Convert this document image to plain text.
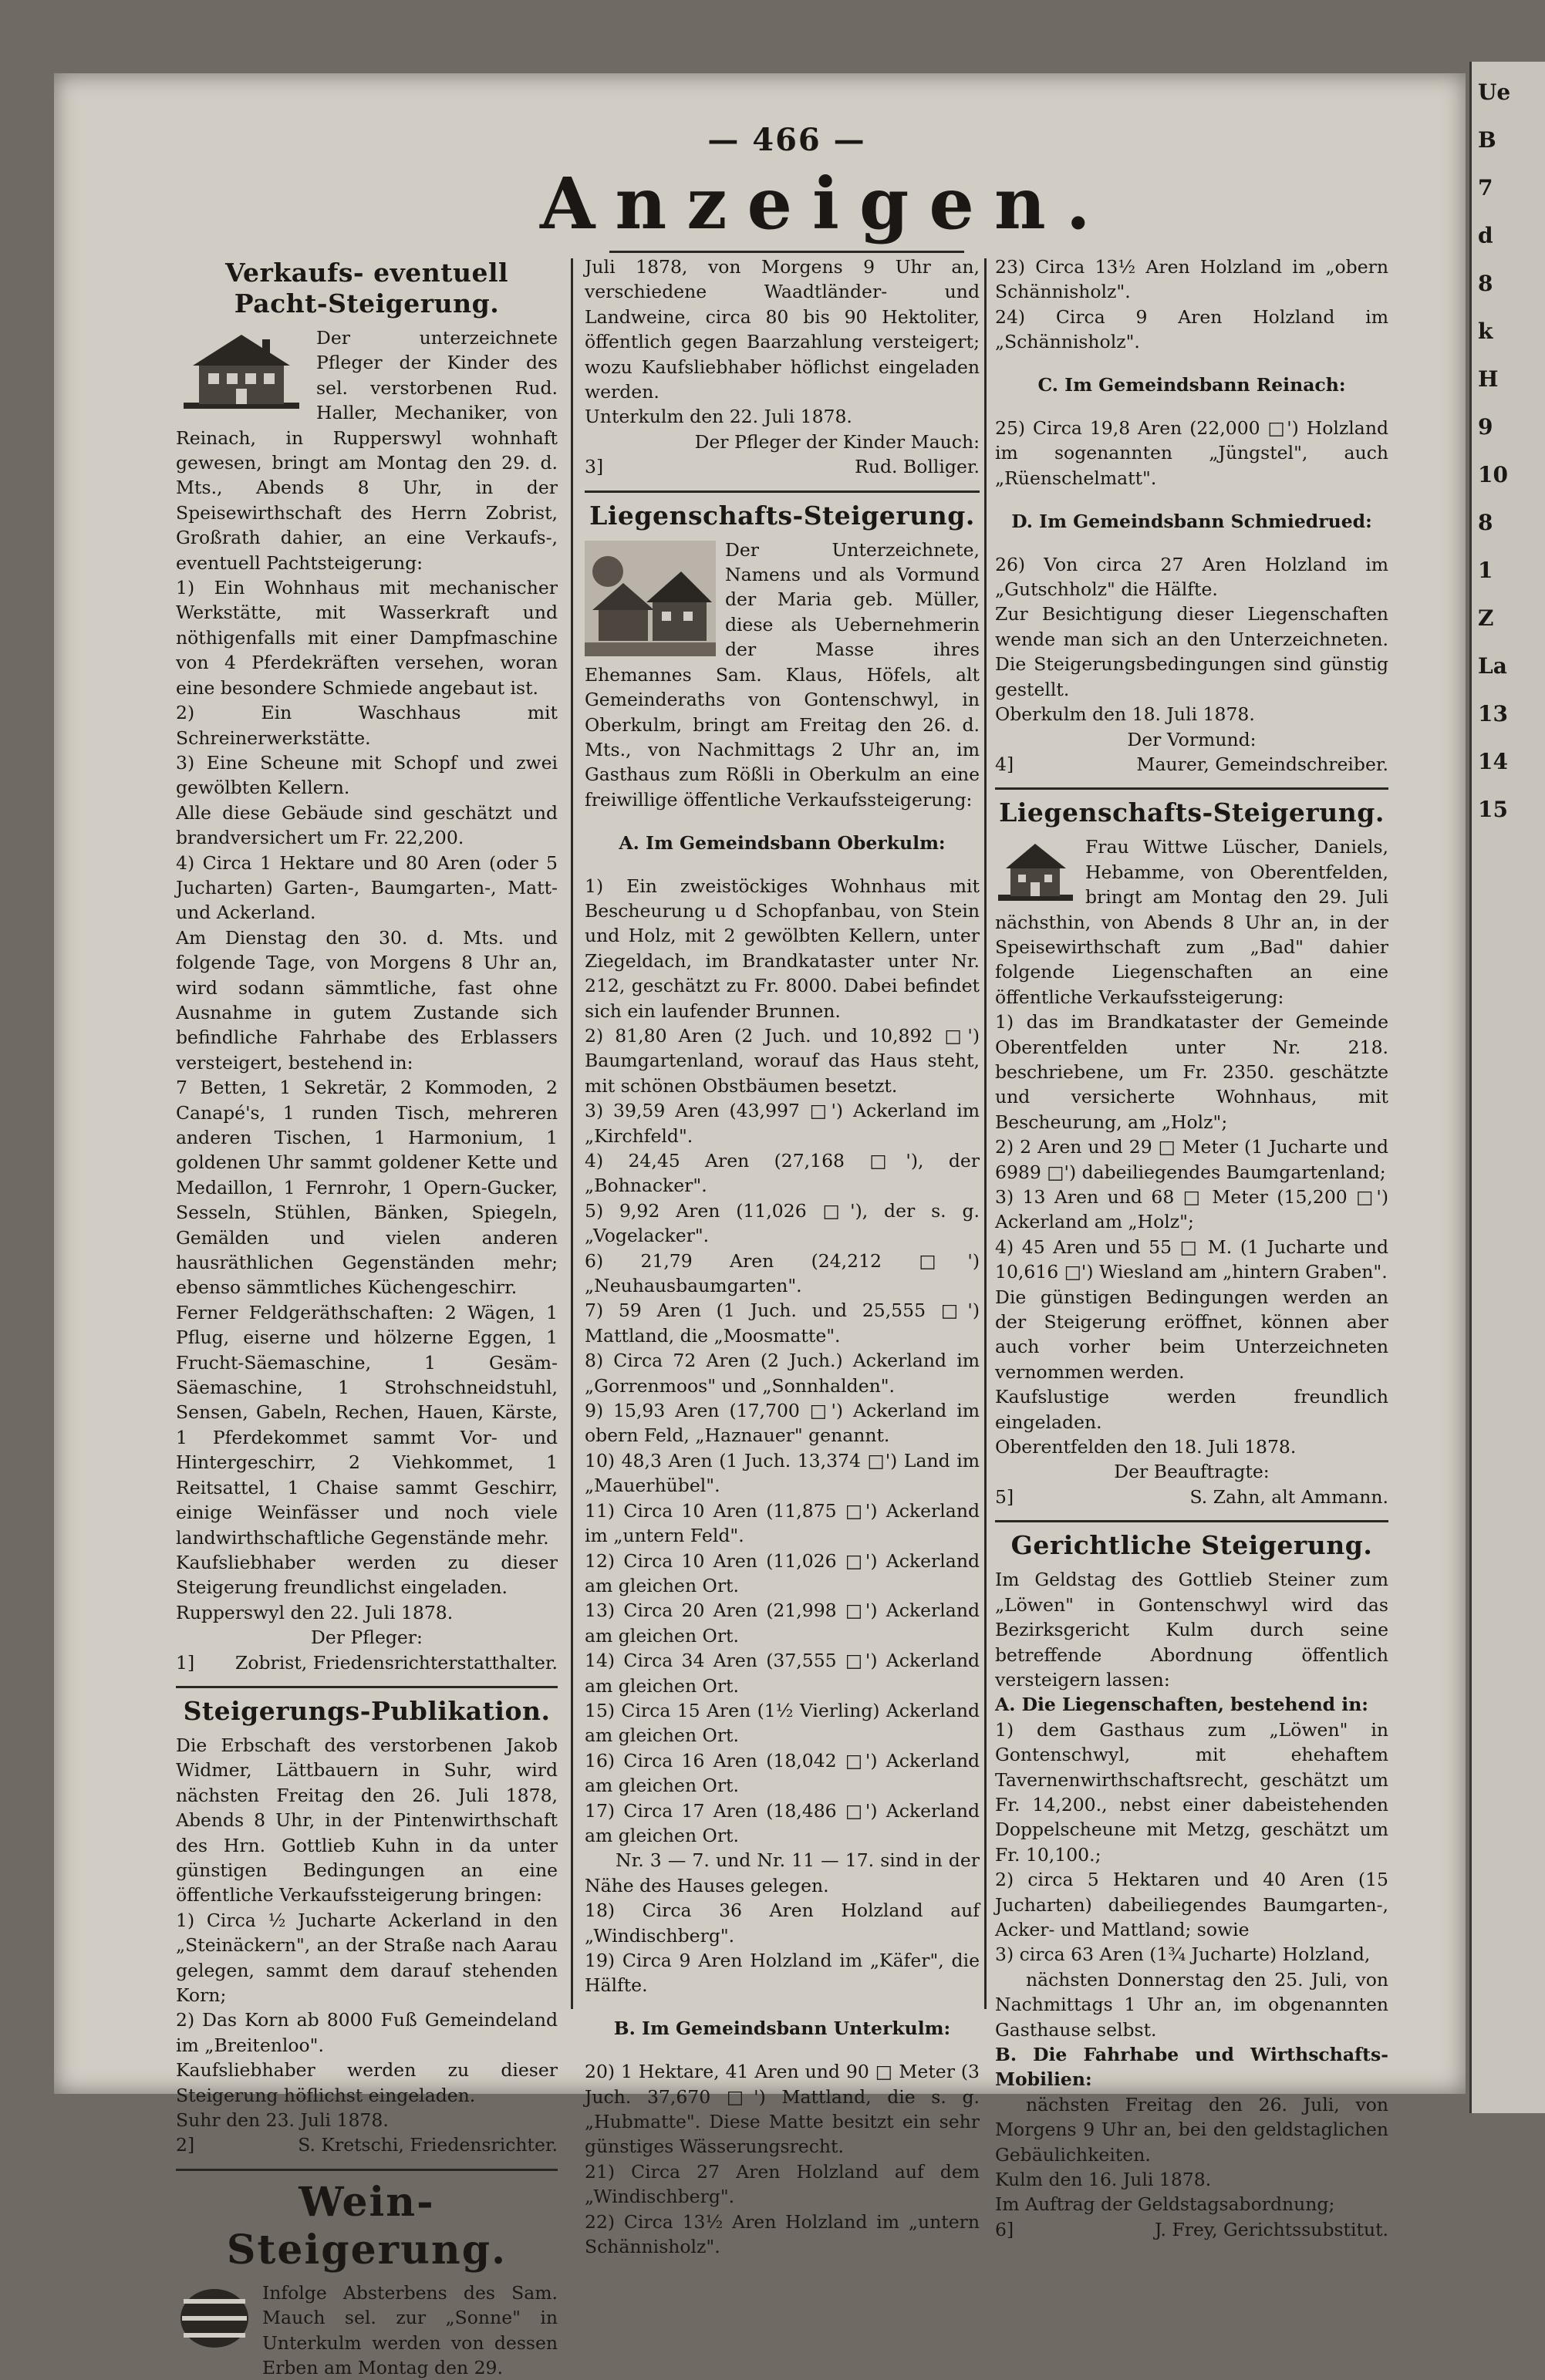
Ue
B
7
d
8
k
H
9
10
8
1
Z
La
13
14
15
— 466 —
Anzeigen.
Verkaufs- eventuell Pacht-Steigerung.

Der unterzeichnete Pfleger der Kinder des sel. verstorbenen Rud. Haller, Mechaniker, von Reinach, in Rupperswyl wohnhaft gewesen, bringt am Montag den 29. d. Mts., Abends 8 Uhr, in der Speisewirthschaft des Herrn Zobrist, Großrath dahier, an eine Verkaufs-, eventuell Pachtsteigerung:

1) Ein Wohnhaus mit mechanischer Werkstätte, mit Wasserkraft und nöthigenfalls mit einer Dampfmaschine von 4 Pferdekräften versehen, woran eine besondere Schmiede angebaut ist.

2) Ein Waschhaus mit Schreinerwerkstätte.

3) Eine Scheune mit Schopf und zwei gewölbten Kellern.

Alle diese Gebäude sind geschätzt und brandversichert um Fr. 22,200.

4) Circa 1 Hektare und 80 Aren (oder 5 Jucharten) Garten-, Baumgarten-, Matt- und Ackerland.

Am Dienstag den 30. d. Mts. und folgende Tage, von Morgens 8 Uhr an, wird sodann sämmtliche, fast ohne Ausnahme in gutem Zustande sich befindliche Fahrhabe des Erblassers versteigert, bestehend in:

7 Betten, 1 Sekretär, 2 Kommoden, 2 Canapé's, 1 runden Tisch, mehreren anderen Tischen, 1 Harmonium, 1 goldenen Uhr sammt goldener Kette und Medaillon, 1 Fernrohr, 1 Opern-Gucker, Sesseln, Stühlen, Bänken, Spiegeln, Gemälden und vielen anderen hausräthlichen Gegenständen mehr; ebenso sämmtliches Küchengeschirr.

Ferner Feldgeräthschaften: 2 Wägen, 1 Pflug, eiserne und hölzerne Eggen, 1 Frucht-Säemaschine, 1 Gesäm-Säemaschine, 1 Strohschneidstuhl, Sensen, Gabeln, Rechen, Hauen, Kärste, 1 Pferdekommet sammt Vor- und Hintergeschirr, 2 Viehkommet, 1 Reitsattel, 1 Chaise sammt Geschirr, einige Weinfässer und noch viele landwirthschaftliche Gegenstände mehr.

Kaufsliebhaber werden zu dieser Steigerung freundlichst eingeladen.

Rupperswyl den 22. Juli 1878.

Der Pfleger:

1] Zobrist, Friedensrichterstatthalter.
Steigerungs-Publikation.

Die Erbschaft des verstorbenen Jakob Widmer, Lättbauern in Suhr, wird nächsten Freitag den 26. Juli 1878, Abends 8 Uhr, in der Pintenwirthschaft des Hrn. Gottlieb Kuhn in da unter günstigen Bedingungen an eine öffentliche Verkaufssteigerung bringen:

1) Circa ½ Jucharte Ackerland in den „Steinäckern", an der Straße nach Aarau gelegen, sammt dem darauf stehenden Korn;

2) Das Korn ab 8000 Fuß Gemeindeland im „Breitenloo".

Kaufsliebhaber werden zu dieser Steigerung höflichst eingeladen.

Suhr den 23. Juli 1878.

2]	S. Kretschi, Friedensrichter.
Wein-Steigerung.

Infolge Absterbens des Sam. Mauch sel. zur „Sonne" in Unterkulm werden von dessen Erben am Montag den 29.

Juli 1878, von Morgens 9 Uhr an, verschiedene Waadtländer- und Landweine, circa 80 bis 90 Hektoliter, öffentlich gegen Baarzahlung versteigert; wozu Kaufsliebhaber höflichst eingeladen werden.

Unterkulm den 22. Juli 1878.

Der Pfleger der Kinder Mauch:

3]	Rud. Bolliger.
Liegenschafts-Steigerung.

Der Unterzeichnete, Namens und als Vormund der Maria geb. Müller, diese als Uebernehmerin der Masse ihres Ehemannes Sam. Klaus, Höfels, alt Gemeinderaths von Gontenschwyl, in Oberkulm, bringt am Freitag den 26. d. Mts., von Nachmittags 2 Uhr an, im Gasthaus zum Rößli in Oberkulm an eine freiwillige öffentliche Verkaufssteigerung:

A. Im Gemeindsbann Oberkulm:

1) Ein zweistöckiges Wohnhaus mit Bescheurung u d Schopfanbau, von Stein und Holz, mit 2 gewölbten Kellern, unter Ziegeldach, im Brandkataster unter Nr. 212, geschätzt zu Fr. 8000. Dabei befindet sich ein laufender Brunnen.

2) 81,80 Aren (2 Juch. und 10,892 □') Baumgartenland, worauf das Haus steht, mit schönen Obstbäumen besetzt.

3) 39,59 Aren (43,997 □') Ackerland im „Kirchfeld".

4) 24,45 Aren (27,168 □'), der „Bohnacker".

5) 9,92 Aren (11,026 □'), der s. g. „Vogelacker".

6) 21,79 Aren (24,212 □') „Neuhausbaumgarten".

7) 59 Aren (1 Juch. und 25,555 □') Mattland, die „Moosmatte".

8) Circa 72 Aren (2 Juch.) Ackerland im „Gorrenmoos" und „Sonnhalden".

9) 15,93 Aren (17,700 □') Ackerland im obern Feld, „Haznauer" genannt.

10) 48,3 Aren (1 Juch. 13,374 □') Land im „Mauerhübel".

11) Circa 10 Aren (11,875 □') Ackerland im „untern Feld".

12) Circa 10 Aren (11,026 □') Ackerland am gleichen Ort.

13) Circa 20 Aren (21,998 □') Ackerland am gleichen Ort.

14) Circa 34 Aren (37,555 □') Ackerland am gleichen Ort.

15) Circa 15 Aren (1½ Vierling) Ackerland am gleichen Ort.

16) Circa 16 Aren (18,042 □') Ackerland am gleichen Ort.

17) Circa 17 Aren (18,486 □') Ackerland am gleichen Ort.

Nr. 3 — 7. und Nr. 11 — 17. sind in der Nähe des Hauses gelegen.

18) Circa 36 Aren Holzland auf „Windischberg".

19) Circa 9 Aren Holzland im „Käfer", die Hälfte.

B. Im Gemeindsbann Unterkulm:

20) 1 Hektare, 41 Aren und 90 □ Meter (3 Juch. 37,670 □') Mattland, die s. g. „Hubmatte". Diese Matte besitzt ein sehr günstiges Wässerungsrecht.

21) Circa 27 Aren Holzland auf dem „Windischberg".

22) Circa 13½ Aren Holzland im „untern Schännisholz".

23) Circa 13½ Aren Holzland im „obern Schännisholz".

24) Circa 9 Aren Holzland im „Schännisholz".

C. Im Gemeindsbann Reinach:

25) Circa 19,8 Aren (22,000 □') Holzland im sogenannten „Jüngstel", auch „Rüenschelmatt".

D. Im Gemeindsbann Schmiedrued:

26) Von circa 27 Aren Holzland im „Gutschholz" die Hälfte.

Zur Besichtigung dieser Liegenschaften wende man sich an den Unterzeichneten. Die Steigerungsbedingungen sind günstig gestellt.

Oberkulm den 18. Juli 1878.

Der Vormund:

4]	Maurer, Gemeindschreiber.
Liegenschafts-Steigerung.

Frau Wittwe Lüscher, Daniels, Hebamme, von Oberentfelden, bringt am Montag den 29. Juli nächsthin, von Abends 8 Uhr an, in der Speisewirthschaft zum „Bad" dahier folgende Liegenschaften an eine öffentliche Verkaufssteigerung:

1) das im Brandkataster der Gemeinde Oberentfelden unter Nr. 218. beschriebene, um Fr. 2350. geschätzte und versicherte Wohnhaus, mit Bescheurung, am „Holz";

2) 2 Aren und 29 □ Meter (1 Jucharte und 6989 □') dabeiliegendes Baumgartenland;

3) 13 Aren und 68 □ Meter (15,200 □') Ackerland am „Holz";

4) 45 Aren und 55 □ M. (1 Jucharte und 10,616 □') Wiesland am „hintern Graben".

Die günstigen Bedingungen werden an der Steigerung eröffnet, können aber auch vorher beim Unterzeichneten vernommen werden.

Kaufslustige werden freundlich eingeladen.

Oberentfelden den 18. Juli 1878.

Der Beauftragte:

5]	S. Zahn, alt Ammann.
Gerichtliche Steigerung.

Im Geldstag des Gottlieb Steiner zum „Löwen" in Gontenschwyl wird das Bezirksgericht Kulm durch seine betreffende Abordnung öffentlich versteigern lassen:

A. Die Liegenschaften, bestehend in:

1) dem Gasthaus zum „Löwen" in Gontenschwyl, mit ehehaftem Tavernenwirthschaftsrecht, geschätzt um Fr. 14,200., nebst einer dabeistehenden Doppelscheune mit Metzg, geschätzt um Fr. 10,100.;

2) circa 5 Hektaren und 40 Aren (15 Jucharten) dabeiliegendes Baumgarten-, Acker- und Mattland; sowie

3) circa 63 Aren (1¾ Jucharte) Holzland,

nächsten Donnerstag den 25. Juli, von Nachmittags 1 Uhr an, im obgenannten Gasthause selbst.

B. Die Fahrhabe und Wirthschafts-Mobilien:

nächsten Freitag den 26. Juli, von Morgens 9 Uhr an, bei den geldstaglichen Gebäulichkeiten.

Kulm den 16. Juli 1878.

Im Auftrag der Geldstagsabordnung;

6]	J. Frey, Gerichtssubstitut.
